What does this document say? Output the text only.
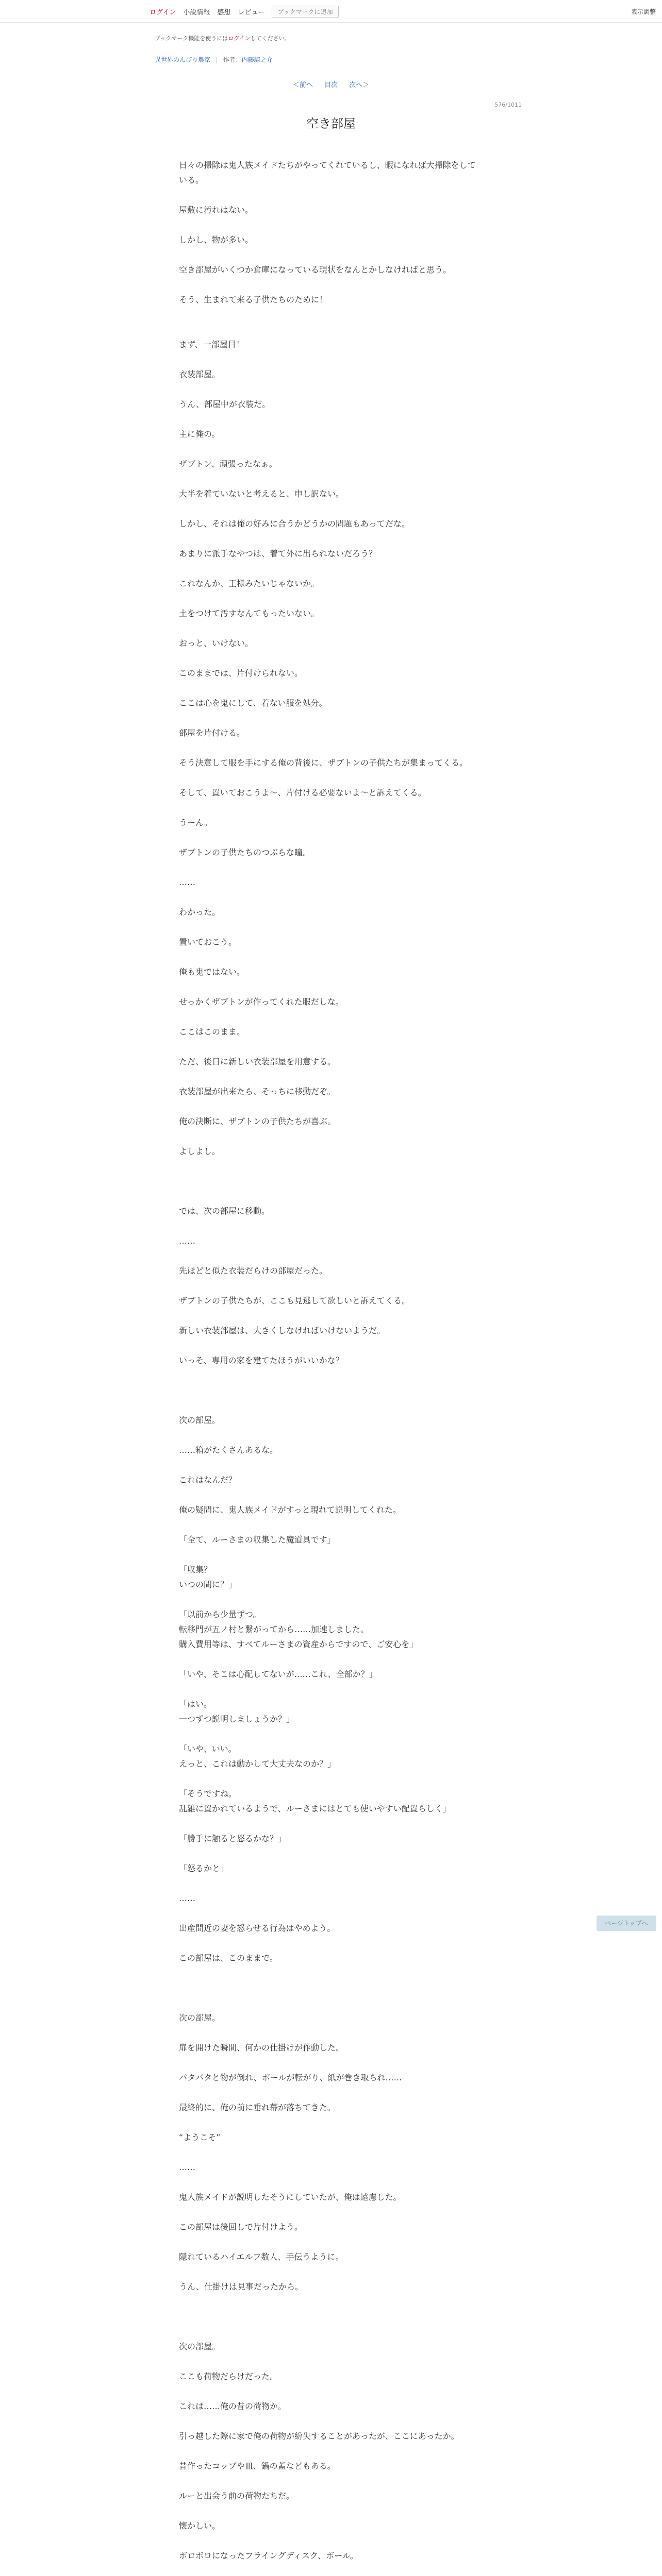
ログイン 小説情報 感想 レビュー	ブックマークに追加	表示調整
ブックマーク機能を使うにはログインしてください。
異世界のんびり農家 作者：内藤騎之介
＜前へ 目次 次へ＞
576/1011
空き部屋

日々の掃除は鬼人族メイドたちがやってくれているし、暇になれば大掃除をして
いる。

屋敷に汚れはない。

しかし、物が多い。

空き部屋がいくつか倉庫になっている現状をなんとかしなければと思う。

そう、生まれて来る子供たちのために！

まず、一部屋目！

衣装部屋。

うん、部屋中が衣装だ。

主に俺の。

ザブトン、頑張ったなぁ。

大半を着ていないと考えると、申し訳ない。

しかし、それは俺の好みに合うかどうかの問題もあってだな。

あまりに派手なやつは、着て外に出られないだろう？

これなんか、王様みたいじゃないか。

土をつけて汚すなんてもったいない。

おっと、いけない。

このままでは、片付けられない。

ここは心を鬼にして、着ない服を処分。

部屋を片付ける。

そう決意して服を手にする俺の背後に、ザブトンの子供たちが集まってくる。

そして、置いておこうよ～、片付ける必要ないよ～と訴えてくる。

うーん。

ザブトンの子供たちのつぶらな瞳。

……

わかった。

置いておこう。

俺も鬼ではない。

せっかくザブトンが作ってくれた服だしな。

ここはこのまま。

ただ、後日に新しい衣装部屋を用意する。

衣装部屋が出来たら、そっちに移動だぞ。

俺の決断に、ザブトンの子供たちが喜ぶ。

よしよし。

では、次の部屋に移動。

……

先ほどと似た衣装だらけの部屋だった。

ザブトンの子供たちが、ここも見逃して欲しいと訴えてくる。

新しい衣装部屋は、大きくしなければいけないようだ。

いっそ、専用の家を建てたほうがいいかな？

次の部屋。

……箱がたくさんあるな。

これはなんだ？

俺の疑問に、鬼人族メイドがすっと現れて説明してくれた。

「全て、ルーさまの収集した魔道具です」

「収集？
いつの間に？」

「以前から少量ずつ。
転移門が五ノ村と繋がってから……加速しました。
購入費用等は、すべてルーさまの資産からですので、ご安心を」

「いや、そこは心配してないが……これ、全部か？」

「はい。
一つずつ説明しましょうか？」

「いや、いい。
えっと、これは動かして大丈夫なのか？」

「そうですね。
乱雑に置かれているようで、ルーさまにはとても使いやすい配置らしく」

「勝手に触ると怒るかな？」

「怒るかと」

……

出産間近の妻を怒らせる行為はやめよう。

この部屋は、このままで。

次の部屋。

扉を開けた瞬間、何かの仕掛けが作動した。

パタパタと物が倒れ、ボールが転がり、紙が巻き取られ……

最終的に、俺の前に垂れ幕が落ちてきた。

“ようこそ”

……

鬼人族メイドが説明したそうにしていたが、俺は遠慮した。

この部屋は後回しで片付けよう。

隠れているハイエルフ数人、手伝うように。

うん、仕掛けは見事だったから。

次の部屋。

ここも荷物だらけだった。

これは……俺の昔の荷物か。

引っ越した際に家で俺の荷物が紛失することがあったが、ここにあったか。

昔作ったコップや皿、鍋の蓋などもある。

ルーと出会う前の荷物たちだ。

懐かしい。

ボロボロになったフライングディスク、ボール。

ページトップへ
